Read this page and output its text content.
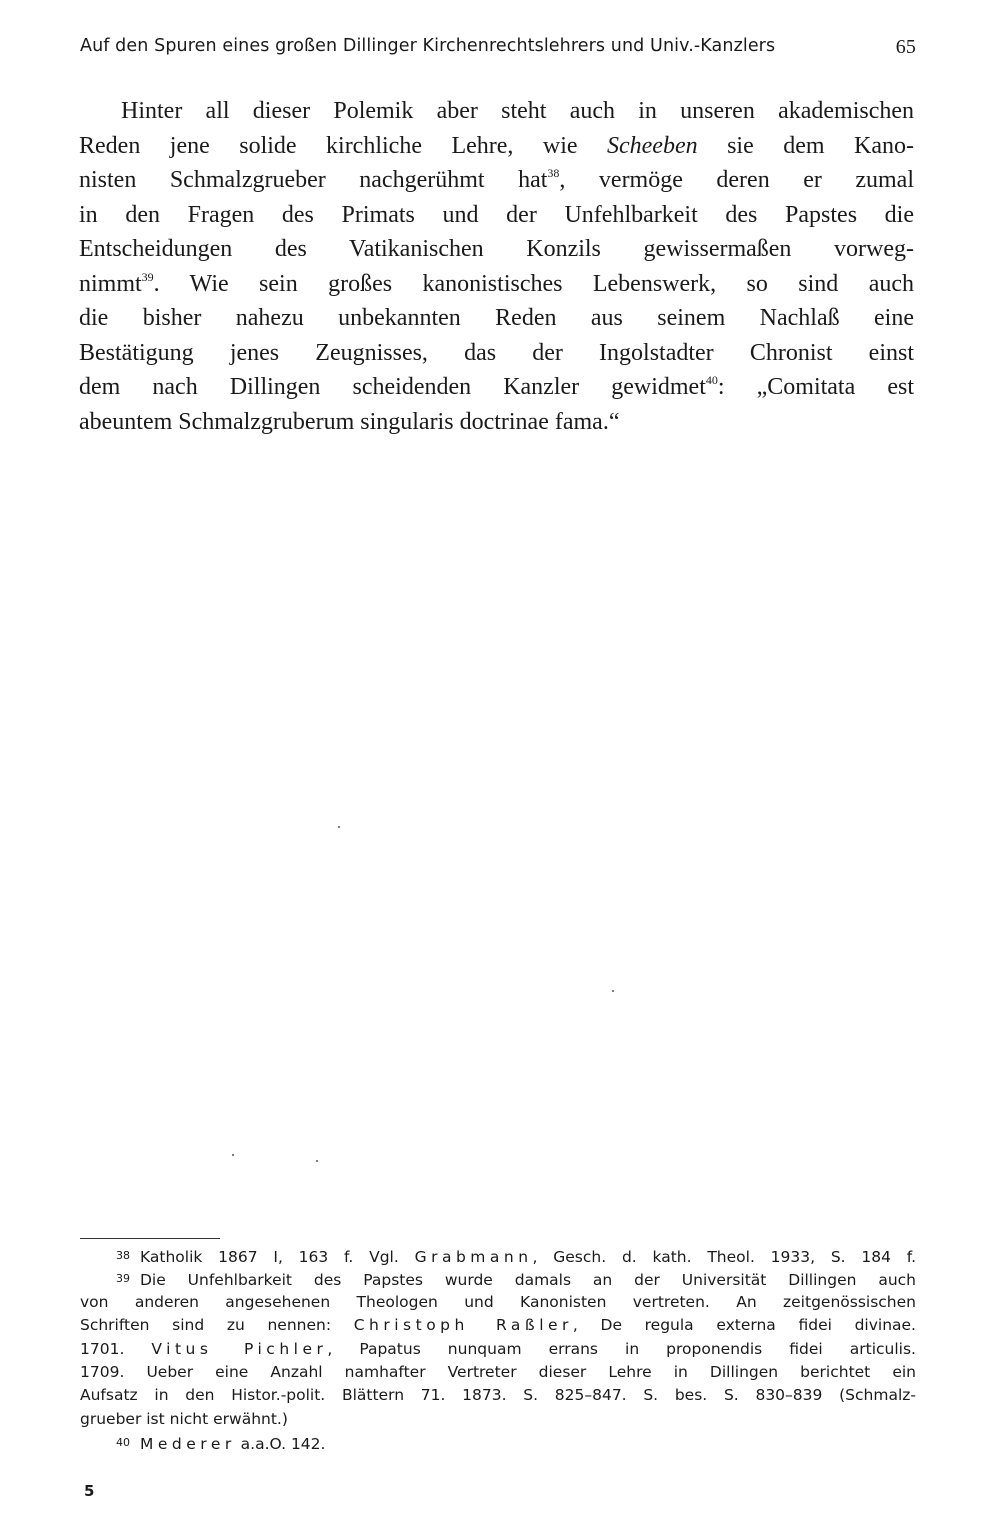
Auf den Spuren eines großen Dillinger Kirchenrechtslehrers und Univ.-Kanzlers	65
Hinter all dieser Polemik aber steht auch in unseren akademischen
Reden jene solide kirchliche Lehre, wie Scheeben sie dem Kano-
nisten Schmalzgrueber nachgerühmt hat$^{38}$, vermöge deren er zumal
in den Fragen des Primats und der Unfehlbarkeit des Papstes die
Entscheidungen des Vatikanischen Konzils gewissermaßen vorweg-
nimmt$^{39}$. Wie sein großes kanonistisches Lebenswerk, so sind auch
die bisher nahezu unbekannten Reden aus seinem Nachlaß eine
Bestätigung jenes Zeugnisses, das der Ingolstadter Chronist einst
dem nach Dillingen scheidenden Kanzler gewidmet$^{40}$: „Comitata est
abeuntem Schmalzgruberum singularis doctrinae fama.“
38 Katholik 1867 I, 163 f. Vgl. Grabmann, Gesch. d. kath. Theol. 1933, S. 184 f.
39 Die Unfehlbarkeit des Papstes wurde damals an der Universität Dillingen auch
von anderen angesehenen Theologen und Kanonisten vertreten. An zeitgenössischen
Schriften sind zu nennen: Christoph Raßler, De regula externa fidei divinae.
1701. Vitus Pichler, Papatus nunquam errans in proponendis fidei articulis.
1709. Ueber eine Anzahl namhafter Vertreter dieser Lehre in Dillingen berichtet ein
Aufsatz in den Histor.-polit. Blättern 71. 1873. S. 825–847. S. bes. S. 830–839 (Schmalz-
grueber ist nicht erwähnt.)
40 Mederer a.a.O. 142.
5
